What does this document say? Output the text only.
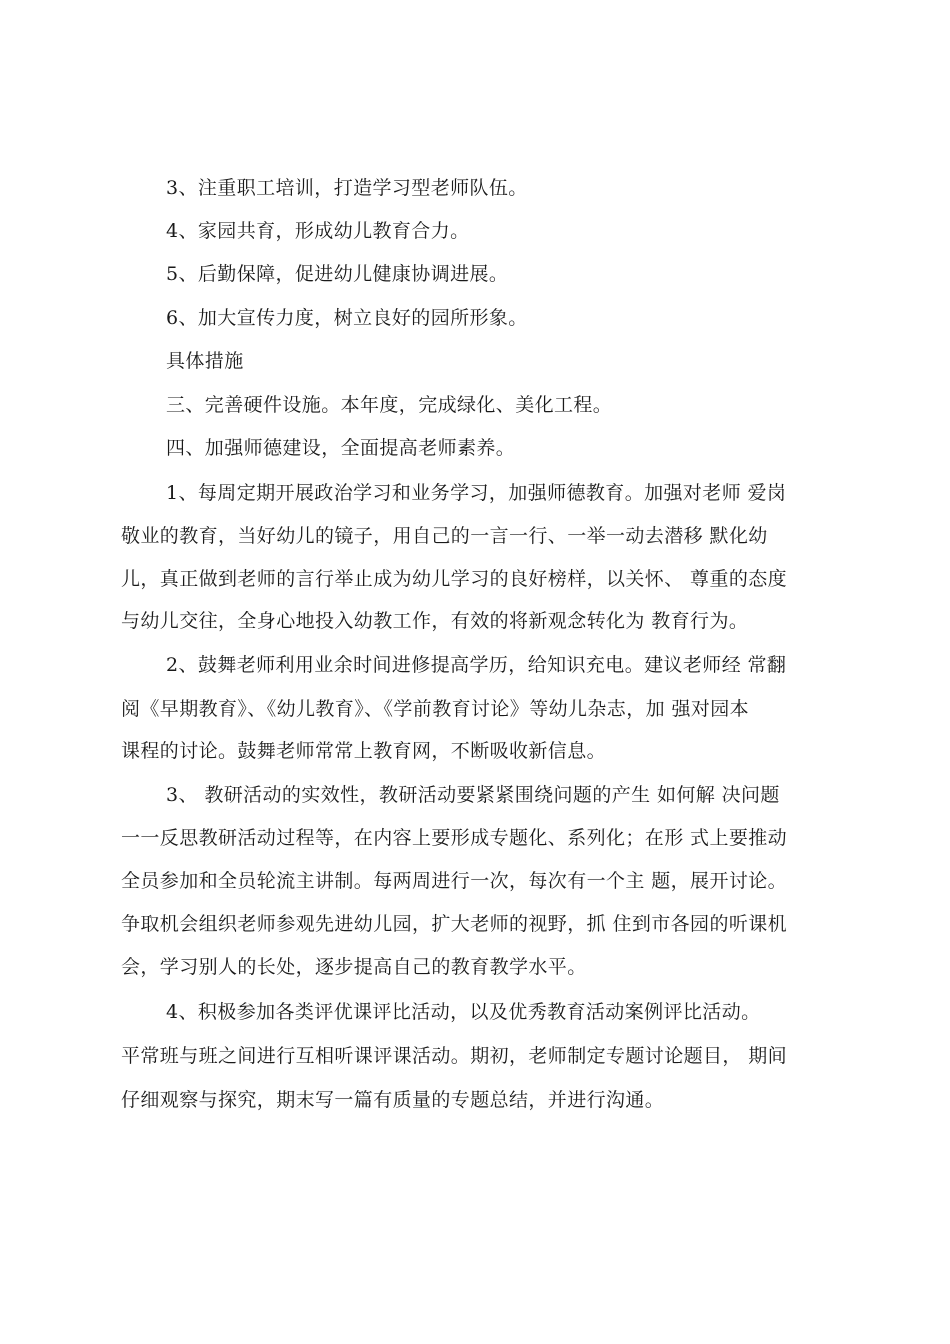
3、注重职工培训，打造学习型老师队伍。
4、家园共育，形成幼儿教育合力。
5、后勤保障，促进幼儿健康协调进展。
6、加大宣传力度，树立良好的园所形象。
具体措施
三、完善硬件设施。本年度，完成绿化、美化工程。
四、加强师德建设，全面提高老师素养。
1、每周定期开展政治学习和业务学习，加强师德教育。加强对老师 爱岗
敬业的教育，当好幼儿的镜子，用自己的一言一行、一举一动去潜移 默化幼
儿，真正做到老师的言行举止成为幼儿学习的良好榜样，以关怀、 尊重的态度
与幼儿交往，全身心地投入幼教工作，有效的将新观念转化为 教育行为。
2、鼓舞老师利用业余时间进修提高学历，给知识充电。建议老师经 常翻
阅《早期教育》、《幼儿教育》、《学前教育讨论》等幼儿杂志，加 强对园本
课程的讨论。鼓舞老师常常上教育网，不断吸收新信息。
3、 教研活动的实效性，教研活动要紧紧围绕问题的产生 如何解 决问题
一一反思教研活动过程等，在内容上要形成专题化、系列化；在形 式上要推动
全员参加和全员轮流主讲制。每两周进行一次，每次有一个主 题，展开讨论。
争取机会组织老师参观先进幼儿园，扩大老师的视野，抓 住到市各园的听课机
会，学习别人的长处，逐步提高自己的教育教学水平。
4、积极参加各类评优课评比活动，以及优秀教育活动案例评比活动。
平常班与班之间进行互相听课评课活动。期初，老师制定专题讨论题目， 期间
仔细观察与探究，期末写一篇有质量的专题总结，并进行沟通。
